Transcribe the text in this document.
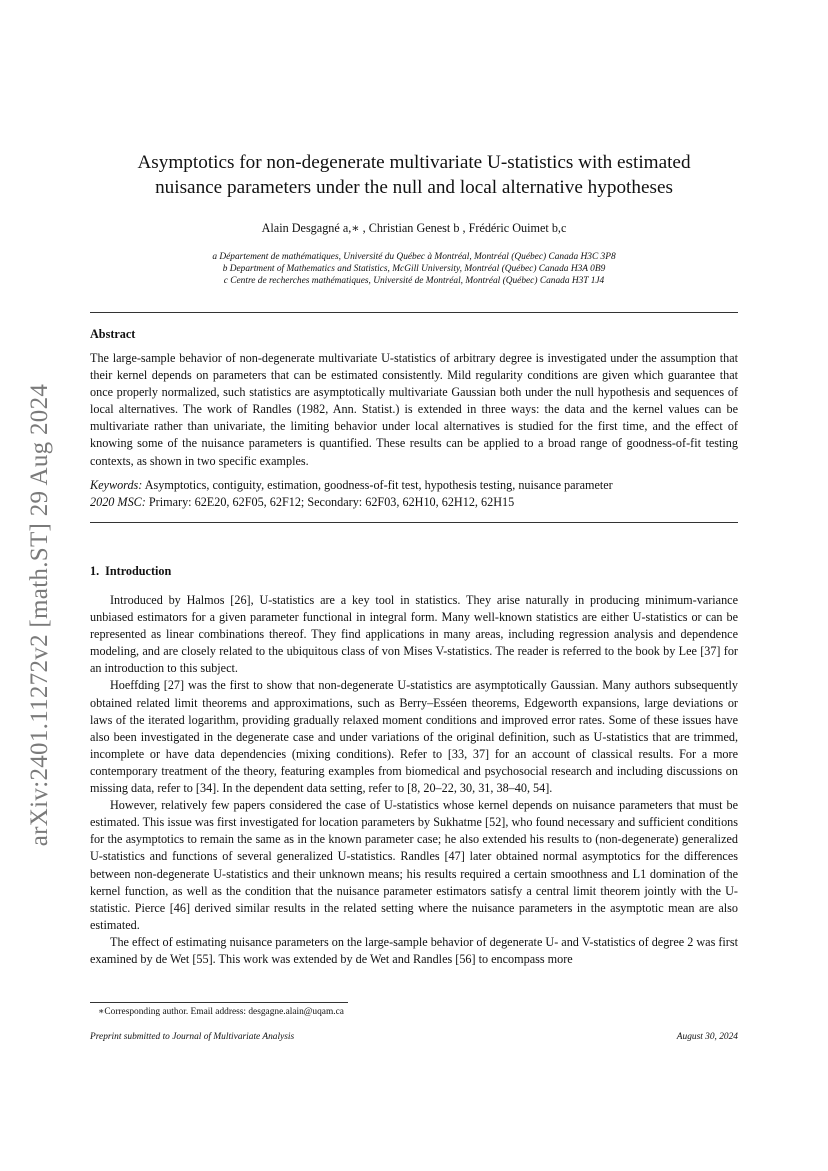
arXiv:2401.11272v2 [math.ST] 29 Aug 2024
Asymptotics for non-degenerate multivariate U-statistics with estimated
nuisance parameters under the null and local alternative hypotheses
Alain Desgagné a,∗ , Christian Genest b , Frédéric Ouimet b,c
a Département de mathématiques, Université du Québec à Montréal, Montréal (Québec) Canada H3C 3P8
b Department of Mathematics and Statistics, McGill University, Montréal (Québec) Canada H3A 0B9
c Centre de recherches mathématiques, Université de Montréal, Montréal (Québec) Canada H3T 1J4
Abstract
The large-sample behavior of non-degenerate multivariate U-statistics of arbitrary degree is investigated under the assumption that their kernel depends on parameters that can be estimated consistently. Mild regularity conditions are given which guarantee that once properly normalized, such statistics are asymptotically multivariate Gaussian both under the null hypothesis and sequences of local alternatives. The work of Randles (1982, Ann. Statist.) is extended in three ways: the data and the kernel values can be multivariate rather than univariate, the limiting behavior under local alternatives is studied for the first time, and the effect of knowing some of the nuisance parameters is quantified. These results can be applied to a broad range of goodness-of-fit testing contexts, as shown in two specific examples.
Keywords: Asymptotics, contiguity, estimation, goodness-of-fit test, hypothesis testing, nuisance parameter
2020 MSC: Primary: 62E20, 62F05, 62F12; Secondary: 62F03, 62H10, 62H12, 62H15
1. Introduction

Introduced by Halmos [26], U-statistics are a key tool in statistics. They arise naturally in producing minimum-variance unbiased estimators for a given parameter functional in integral form. Many well-known statistics are either U-statistics or can be represented as linear combinations thereof. They find applications in many areas, including regression analysis and dependence modeling, and are closely related to the ubiquitous class of von Mises V-statistics. The reader is referred to the book by Lee [37] for an introduction to this subject.

Hoeffding [27] was the first to show that non-degenerate U-statistics are asymptotically Gaussian. Many authors subsequently obtained related limit theorems and approximations, such as Berry–Esséen theorems, Edgeworth expansions, large deviations or laws of the iterated logarithm, providing gradually relaxed moment conditions and improved error rates. Some of these issues have also been investigated in the degenerate case and under variations of the original definition, such as U-statistics that are trimmed, incomplete or have data dependencies (mixing conditions). Refer to [33, 37] for an account of classical results. For a more contemporary treatment of the theory, featuring examples from biomedical and psychosocial research and including discussions on missing data, refer to [34]. In the dependent data setting, refer to [8, 20–22, 30, 31, 38–40, 54].

However, relatively few papers considered the case of U-statistics whose kernel depends on nuisance parameters that must be estimated. This issue was first investigated for location parameters by Sukhatme [52], who found necessary and sufficient conditions for the asymptotics to remain the same as in the known parameter case; he also extended his results to (non-degenerate) generalized U-statistics and functions of several generalized U-statistics. Randles [47] later obtained normal asymptotics for the differences between non-degenerate U-statistics and their unknown means; his results required a certain smoothness and L1 domination of the kernel function, as well as the condition that the nuisance parameter estimators satisfy a central limit theorem jointly with the U-statistic. Pierce [46] derived similar results in the related setting where the nuisance parameters in the asymptotic mean are also estimated.

The effect of estimating nuisance parameters on the large-sample behavior of degenerate U- and V-statistics of degree 2 was first examined by de Wet [55]. This work was extended by de Wet and Randles [56] to encompass more

∗Corresponding author. Email address: desgagne.alain@uqam.ca
Preprint submitted to Journal of Multivariate Analysis	August 30, 2024
